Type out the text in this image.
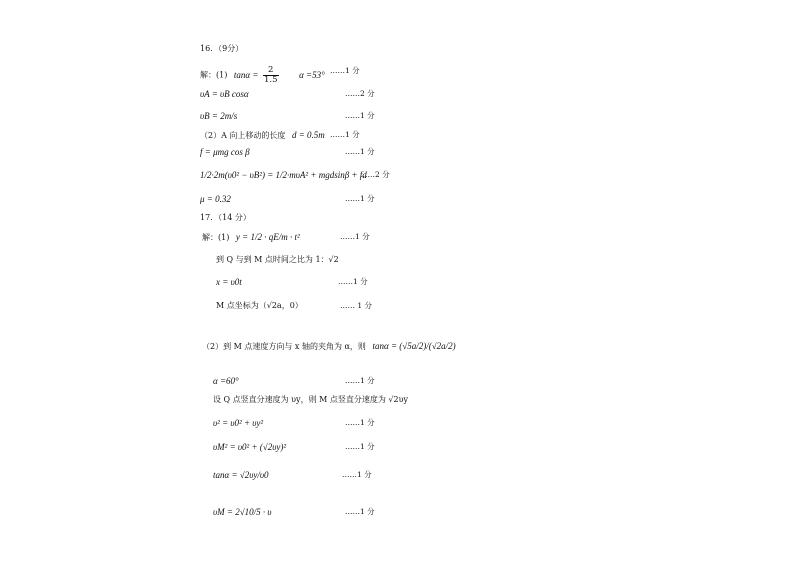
16．（9分）
解：(1) $\tan\alpha = \frac{2}{1.5}$ α =53° ……1 分
υA = υB cosα	……2 分
υB = 2m/s	……1 分
（2）A 向上移动的长度 d = 0.5m ……1 分
f = μmg cos β	……1 分
1/2·2m(υ0² − υB²) = 1/2·mυA² + mgdsinβ + fd
……2 分
μ = 0.32	……1 分
17．（14 分）
解：(1) y = 1/2 · qE/m · t²	……1 分
到 Q 与到 M 点时间之比为 1：√2
x = υ0t	……1 分
M 点坐标为（√2a，0）	…… 1 分
（2）到 M 点速度方向与 x 轴的夹角为 α，则 tanα = (√5a/2)/(√2a/2)
α =60°	……1 分
设 Q 点竖直分速度为 υy，则 M 点竖直分速度为 √2υy
υ² = υ0² + υy²	……1 分
υM² = υ0² + (√2υy)²	……1 分
tanα = √2υy/υ0	……1 分
υM = 2√10/5 · υ	……1 分
